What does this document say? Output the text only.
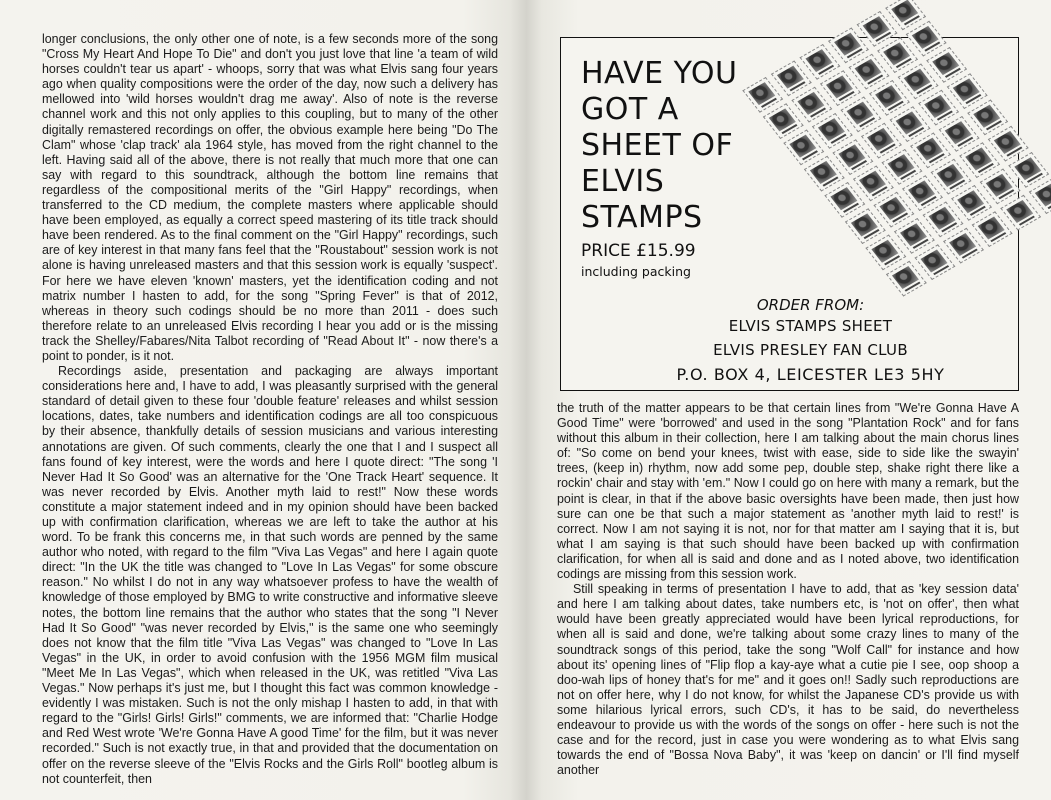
longer conclusions, the only other one of note, is a few seconds more of the song "Cross My Heart And Hope To Die" and don't you just love that line 'a team of wild horses couldn't tear us apart' - whoops, sorry that was what Elvis sang four years ago when quality compositions were the order of the day, now such a delivery has mellowed into 'wild horses wouldn't drag me away'. Also of note is the reverse channel work and this not only applies to this coupling, but to many of the other digitally remastered recordings on offer, the obvious example here being "Do The Clam" whose 'clap track' ala 1964 style, has moved from the right channel to the left. Having said all of the above, there is not really that much more that one can say with regard to this soundtrack, although the bottom line remains that regardless of the compositional merits of the "Girl Happy" recordings, when transferred to the CD medium, the complete masters where applicable should have been employed, as equally a correct speed mastering of its title track should have been rendered. As to the final comment on the "Girl Happy" recordings, such are of key interest in that many fans feel that the "Roustabout" session work is not alone is having unreleased masters and that this session work is equally 'suspect'. For here we have eleven 'known' masters, yet the identification coding and not matrix number I hasten to add, for the song "Spring Fever" is that of 2012, whereas in theory such codings should be no more than 2011 - does such therefore relate to an unreleased Elvis recording I hear you add or is the missing track the Shelley/Fabares/Nita Talbot recording of "Read About It" - now there's a point to ponder, is it not.

Recordings aside, presentation and packaging are always important considerations here and, I have to add, I was pleasantly surprised with the general standard of detail given to these four 'double feature' releases and whilst session locations, dates, take numbers and identification codings are all too conspicuous by their absence, thankfully details of session musicians and various interesting annotations are given. Of such comments, clearly the one that I and I suspect all fans found of key interest, were the words and here I quote direct: "The song 'I Never Had It So Good' was an alternative for the 'One Track Heart' sequence. It was never recorded by Elvis. Another myth laid to rest!" Now these words constitute a major statement indeed and in my opinion should have been backed up with confirmation clarification, whereas we are left to take the author at his word. To be frank this concerns me, in that such words are penned by the same author who noted, with regard to the film "Viva Las Vegas" and here I again quote direct: "In the UK the title was changed to "Love In Las Vegas" for some obscure reason." No whilst I do not in any way whatsoever profess to have the wealth of knowledge of those employed by BMG to write constructive and informative sleeve notes, the bottom line remains that the author who states that the song "I Never Had It So Good" "was never recorded by Elvis," is the same one who seemingly does not know that the film title "Viva Las Vegas" was changed to "Love In Las Vegas" in the UK, in order to avoid confusion with the 1956 MGM film musical "Meet Me In Las Vegas", which when released in the UK, was retitled "Viva Las Vegas." Now perhaps it's just me, but I thought this fact was common knowledge - evidently I was mistaken. Such is not the only mishap I hasten to add, in that with regard to the "Girls! Girls! Girls!" comments, we are informed that: "Charlie Hodge and Red West wrote 'We're Gonna Have A good Time' for the film, but it was never recorded." Such is not exactly true, in that and provided that the documentation on offer on the reverse sleeve of the "Elvis Rocks and the Girls Roll" bootleg album is not counterfeit, then

the truth of the matter appears to be that certain lines from "We're Gonna Have A Good Time" were 'borrowed' and used in the song "Plantation Rock" and for fans without this album in their collection, here I am talking about the main chorus lines of: "So come on bend your knees, twist with ease, side to side like the swayin' trees, (keep in) rhythm, now add some pep, double step, shake right there like a rockin' chair and stay with 'em." Now I could go on here with many a remark, but the point is clear, in that if the above basic oversights have been made, then just how sure can one be that such a major statement as 'another myth laid to rest!' is correct. Now I am not saying it is not, nor for that matter am I saying that it is, but what I am saying is that such should have been backed up with confirmation clarification, for when all is said and done and as I noted above, two identification codings are missing from this session work.

Still speaking in terms of presentation I have to add, that as 'key session data' and here I am talking about dates, take numbers etc, is 'not on offer', then what would have been greatly appreciated would have been lyrical reproductions, for when all is said and done, we're talking about some crazy lines to many of the soundtrack songs of this period, take the song "Wolf Call" for instance and how about its' opening lines of "Flip flop a kay-aye what a cutie pie I see, oop shoop a doo-wah lips of honey that's for me" and it goes on!! Sadly such reproductions are not on offer here, why I do not know, for whilst the Japanese CD's provide us with some hilarious lyrical errors, such CD's, it has to be said, do nevertheless endeavour to provide us with the words of the songs on offer - here such is not the case and for the record, just in case you were wondering as to what Elvis sang towards the end of "Bossa Nova Baby", it was 'keep on dancin' or I'll find myself another

HAVE YOU
GOT A
SHEET OF
ELVIS
STAMPS
PRICE £15.99
including packing
ORDER FROM:
ELVIS STAMPS SHEET
ELVIS PRESLEY FAN CLUB
P.O. BOX 4, LEICESTER LE3 5HY
